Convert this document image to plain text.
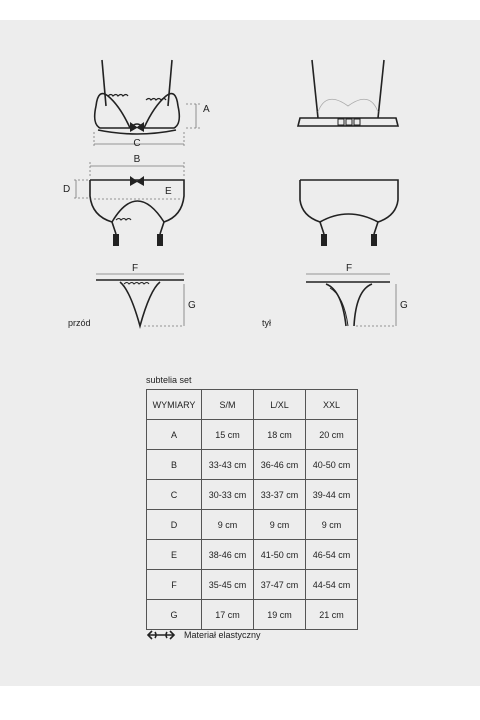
A
C
B
D	E
F
G
F
G
przód	tył
subtelia set
WYMIARY	S/M	L/XL	XXL
A	15 cm	18 cm	20 cm
B	33-43 cm	36-46 cm	40-50 cm
C	30-33 cm	33-37 cm	39-44 cm
D	9 cm	9 cm	9 cm
E	38-46 cm	41-50 cm	46-54 cm
F	35-45 cm	37-47 cm	44-54 cm
G	17 cm	19 cm	21 cm
Materiał elastyczny
